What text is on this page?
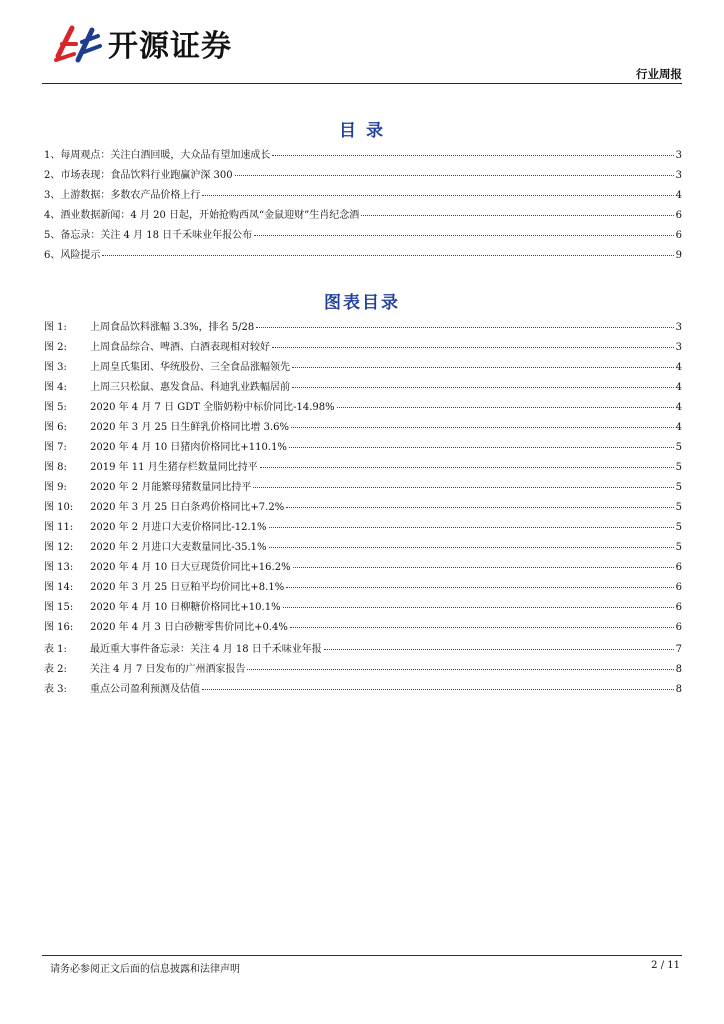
开源证券
行业周报
目 录
1、每周观点：关注白酒回暖，大众品有望加速成长	3
2、市场表现：食品饮料行业跑赢沪深 300	3
3、上游数据：多数农产品价格上行	4
4、酒业数据新闻：4 月 20 日起，开始抢购西凤“金鼠迎财”生肖纪念酒	6
5、备忘录：关注 4 月 18 日千禾味业年报公布	6
6、风险提示	9
图表目录
图 1:	上周食品饮料涨幅 3.3%，排名 5/28	3
图 2:	上周食品综合、啤酒、白酒表现相对较好	3
图 3:	上周皇氏集团、华统股份、三全食品涨幅领先	4
图 4:	上周三只松鼠、惠发食品、科迪乳业跌幅居前	4
图 5:	2020 年 4 月 7 日 GDT 全脂奶粉中标价同比-14.98%	4
图 6:	2020 年 3 月 25 日生鲜乳价格同比增 3.6%	4
图 7:	2020 年 4 月 10 日猪肉价格同比+110.1%	5
图 8:	2019 年 11 月生猪存栏数量同比持平	5
图 9:	2020 年 2 月能繁母猪数量同比持平	5
图 10:	2020 年 3 月 25 日白条鸡价格同比+7.2%	5
图 11:	2020 年 2 月进口大麦价格同比-12.1%	5
图 12:	2020 年 2 月进口大麦数量同比-35.1%	5
图 13:	2020 年 4 月 10 日大豆现货价同比+16.2%	6
图 14:	2020 年 3 月 25 日豆粕平均价同比+8.1%	6
图 15:	2020 年 4 月 10 日柳糖价格同比+10.1%	6
图 16:	2020 年 4 月 3 日白砂糖零售价同比+0.4%	6
表 1:	最近重大事件备忘录：关注 4 月 18 日千禾味业年报	7
表 2:	关注 4 月 7 日发布的广州酒家报告	8
表 3:	重点公司盈利预测及估值	8
请务必参阅正文后面的信息披露和法律声明	2 / 11
